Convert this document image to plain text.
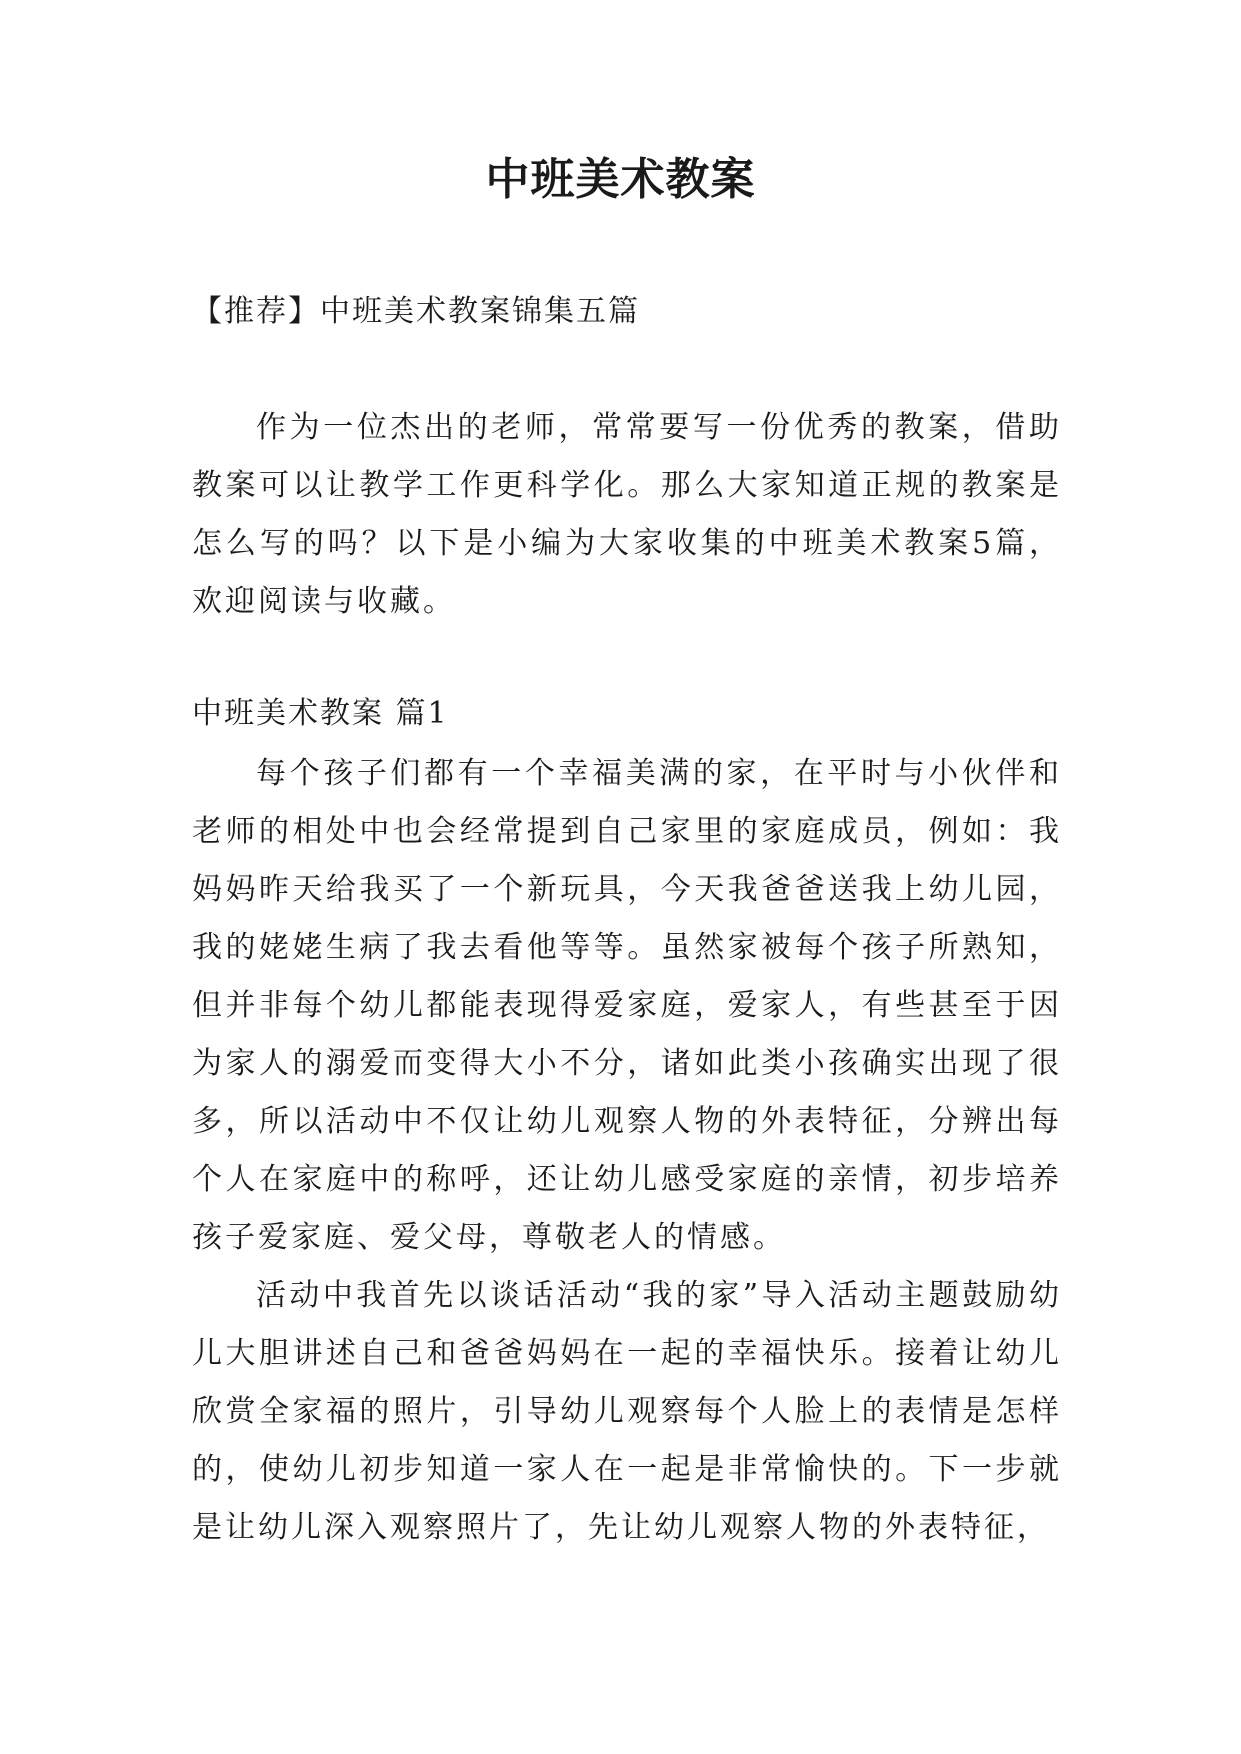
中班美术教案

【推荐】中班美术教案锦集五篇

作为一位杰出的老师，常常要写一份优秀的教案，借助教案可以让教学工作更科学化。那么大家知道正规的教案是怎么写的吗？以下是小编为大家收集的中班美术教案5篇，欢迎阅读与收藏。

中班美术教案 篇1

每个孩子们都有一个幸福美满的家，在平时与小伙伴和老师的相处中也会经常提到自己家里的家庭成员，例如：我妈妈昨天给我买了一个新玩具，今天我爸爸送我上幼儿园，我的姥姥生病了我去看他等等。虽然家被每个孩子所熟知，但并非每个幼儿都能表现得爱家庭，爱家人，有些甚至于因为家人的溺爱而变得大小不分，诸如此类小孩确实出现了很多，所以活动中不仅让幼儿观察人物的外表特征，分辨出每个人在家庭中的称呼，还让幼儿感受家庭的亲情，初步培养孩子爱家庭、爱父母，尊敬老人的情感。

活动中我首先以谈话活动“我的家”导入活动主题鼓励幼儿大胆讲述自己和爸爸妈妈在一起的幸福快乐。接着让幼儿欣赏全家福的照片，引导幼儿观察每个人脸上的表情是怎样的，使幼儿初步知道一家人在一起是非常愉快的。下一步就是让幼儿深入观察照片了，先让幼儿观察人物的外表特征，
